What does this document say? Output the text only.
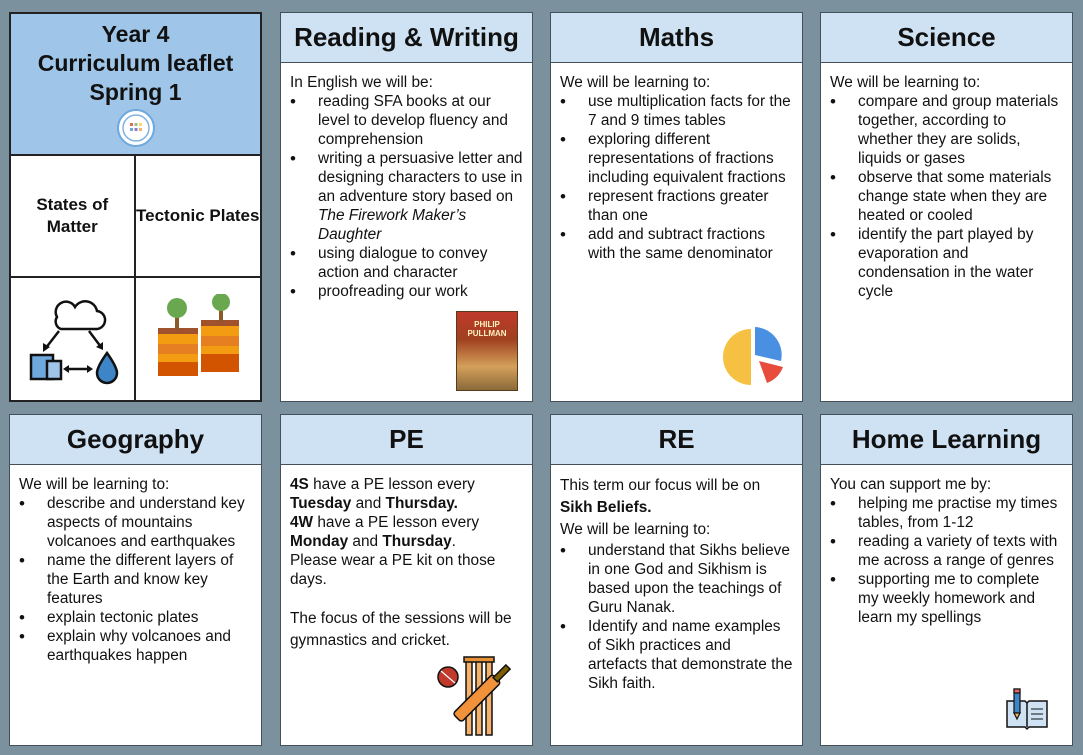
Year 4
Curriculum leaflet
Spring 1
States of Matter
Tectonic Plates
Reading & Writing

In English we will be:

• reading SFA books at our level to develop fluency and comprehension
• writing a persuasive letter and designing characters to use in an adventure story based on The Firework Maker’s Daughter
• using dialogue to convey action and character
• proofreading our work
PHILIP
PULLMAN
Maths

We will be learning to:

• use multiplication facts for the 7 and 9 times tables
• exploring different representations of fractions including equivalent fractions
• represent fractions greater than one
• add and subtract fractions with the same denominator
Science

We will be learning to:

• compare and group materials together, according to whether they are solids, liquids or gases
• observe that some materials change state when they are heated or cooled
• identify the part played by evaporation and condensation in the water cycle
Geography

We will be learning to:

• describe and understand key aspects of mountains volcanoes and earthquakes
• name the different layers of the Earth and know key features
• explain tectonic plates
• explain why volcanoes and earthquakes happen
PE

4S have a PE lesson every Tuesday and Thursday.

4W have a PE lesson every Monday and Thursday.

Please wear a PE kit on those days.

The focus of the sessions will be gymnastics and cricket.

RE

This term our focus will be on

Sikh Beliefs.

We will be learning to:

• understand that Sikhs believe in one God and Sikhism is based upon the teachings of Guru Nanak.
• Identify and name examples of Sikh practices and artefacts that demonstrate the Sikh faith.
Home Learning

You can support me by:

• helping me practise my times tables, from 1-12
• reading a variety of texts with me across a range of genres
• supporting me to complete my weekly homework and learn my spellings
